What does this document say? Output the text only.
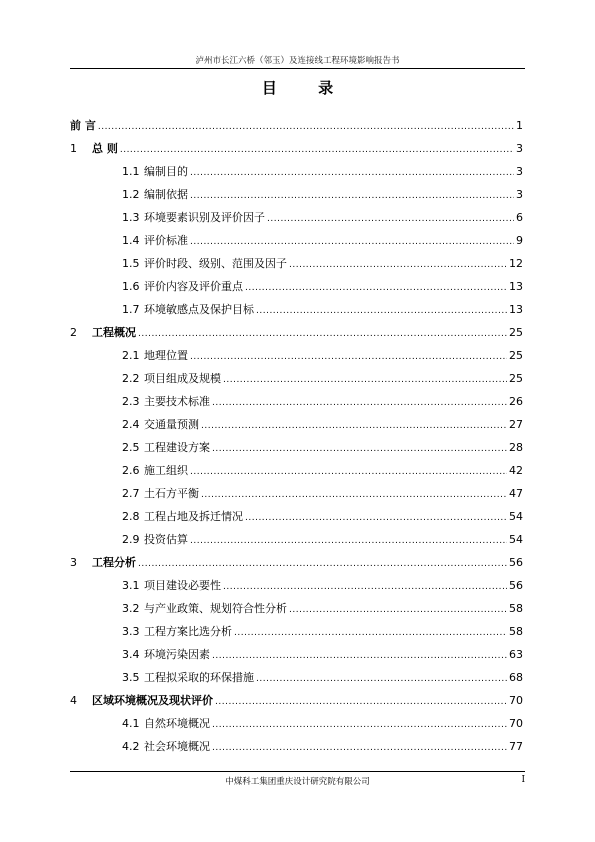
泸州市长江六桥（邻玉）及连接线工程环境影响报告书
目 录
前 言 .....	1
1	总 则 .....	3
1.1 编制目的 .....	3
1.2 编制依据 .....	3
1.3 环境要素识别及评价因子 .....	6
1.4 评价标准 .....	9
1.5 评价时段、级别、范围及因子 .....	12
1.6 评价内容及评价重点 .....	13
1.7 环境敏感点及保护目标 .....	13
2	工程概况 .....	25
2.1 地理位置 .....	25
2.2 项目组成及规模 .....	25
2.3 主要技术标准 .....	26
2.4 交通量预测 .....	27
2.5 工程建设方案 .....	28
2.6 施工组织 .....	42
2.7 土石方平衡 .....	47
2.8 工程占地及拆迁情况 .....	54
2.9 投资估算 .....	54
3	工程分析 .....	56
3.1 项目建设必要性 .....	56
3.2 与产业政策、规划符合性分析 .....	58
3.3 工程方案比选分析 .....	58
3.4 环境污染因素 .....	63
3.5 工程拟采取的环保措施 .....	68
4	区域环境概况及现状评价 .....	70
4.1 自然环境概况 .....	70
4.2 社会环境概况 .....	77
中煤科工集团重庆设计研究院有限公司	I
